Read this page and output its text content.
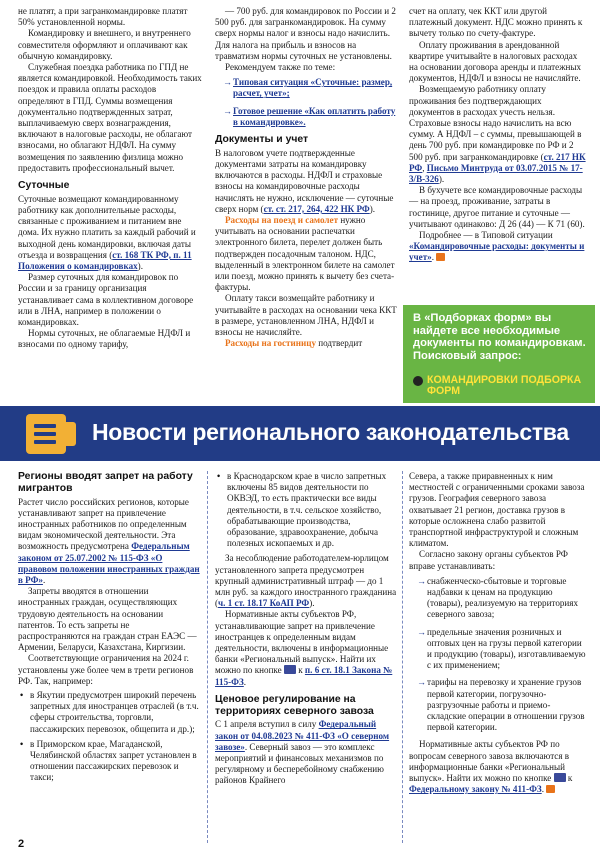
не платят, а при загранкомандировке платят 50% установленной нормы.

Командировку и внешнего, и внутреннего совместителя оформляют и оплачивают как обычную командировку.

Служебная поездка работника по ГПД не является командировкой. Необходимость таких поездок и правила оплаты расходов определяют в ГПД. Суммы возмещения документально подтвержденных затрат, выплачиваемую сверх вознаграждения, включают в налоговые расходы, не облагают взносами, но облагают НДФЛ. На сумму возмещения по заявлению физлица можно предоставить профессиональный вычет.

Суточные

Суточные возмещают командированному работнику как дополнительные расходы, связанные с проживанием и питанием вне дома. Их нужно платить за каждый рабочий и выходной день командировки, включая даты отъезда и возвращения (ст. 168 ТК РФ, п. 11 Положения о командировках).

Размер суточных для командировок по России и за границу организация устанавливает сама в коллективном договоре или в ЛНА, например в положении о командировках.

Нормы суточных, не облагаемые НДФЛ и взносами по одному тарифу,

— 700 руб. для командировок по России и 2 500 руб. для загранкомандировок. На сумму сверх нормы налог и взносы надо начислить. Для налога на прибыль и взносов на травматизм нормы суточных не установлены.

Рекомендуем также по теме:

→ Типовая ситуация «Суточные: размер, расчет, учет»;
→ Готовое решение «Как оплатить работу в командировке».
Документы и учет

В налоговом учете подтвержденные документами затраты на командировку включаются в расходы. НДФЛ и страховые взносы на командировочные расходы начислять не нужно, исключение — суточные сверх норм (ст. ст. 217, 264, 422 НК РФ).

Расходы на поезд и самолет нужно учитывать на основании распечатки электронного билета, перелет должен быть подтвержден посадочным талоном. НДС, выделенный в электронном билете на самолет или поезд, можно принять к вычету без счета-фактуры.

Оплату такси возмещайте работнику и учитывайте в расходах на основании чека ККТ в размере, установленном ЛНА, НДФЛ и взносы не начисляйте.

Расходы на гостиницу подтвердит

счет на оплату, чек ККТ или другой платежный документ. НДС можно принять к вычету только по счету-фактуре.

Оплату проживания в арендованной квартире учитывайте в налоговых расходах на основании договора аренды и платежных документов, НДФЛ и взносы не начисляйте.

Возмещаемую работнику оплату проживания без подтверждающих документов в расходах учесть нельзя. Страховые взносы надо начислить на всю сумму. А НДФЛ – с суммы, превышающей в день 700 руб. при командировке по РФ и 2 500 руб. при загранкомандировке (ст. 217 НК РФ, Письмо Минтруда от 03.07.2015 № 17-3/В-326).

В бухучете все командировочные расходы — на проезд, проживание, затраты в гостинице, другое питание и суточные — учитывают одинаково: Д 26 (44) — К 71 (60).

Подробнее — в Типовой ситуации «Командировочные расходы: документы и учет».

В «Подборках форм» вы найдете все необходимые документы по командировкам. Поисковый запрос:
КОМАНДИРОВКИ ПОДБОРКА ФОРМ
Новости регионального законодательства
Регионы вводят запрет на работу мигрантов

Растет число российских регионов, которые устанавливают запрет на привлечение иностранных работников по определенным видам экономической деятельности. Эта возможность предусмотрена Федеральным законом от 25.07.2002 № 115-ФЗ «О правовом положении иностранных граждан в РФ».

Запреты вводятся в отношении иностранных граждан, осуществляющих трудовую деятельность на основании патентов. То есть запреты не распространяются на граждан стран ЕАЭС — Армении, Беларуси, Казахстана, Киргизии.

Соответствующие ограничения на 2024 г. установлены уже более чем в трети регионов РФ. Так, например:

• в Якутии предусмотрен широкий перечень запретных для иностранцев отраслей (в т.ч. сферы строительства, торговли, пассажирских перевозок, общепита и др.);
• в Приморском крае, Магаданской, Челябинской областях запрет установлен в отношении пассажирских перевозок и такси;
• в Краснодарском крае в число запретных включены 85 видов деятельности по ОКВЭД, то есть практически все виды деятельности, в т.ч. сельское хозяйство, обрабатывающие производства, образование, здравоохранение, добыча полезных ископаемых и др.

За несоблюдение работодателем-юрлицом установленного запрета предусмотрен крупный административный штраф — до 1 млн руб. за каждого иностранного гражданина (ч. 1 ст. 18.17 КоАП РФ).

Нормативные акты субъектов РФ, устанавливающие запрет на привлечение иностранцев к определенным видам деятельности, включены в информационные банки «Региональный выпуск». Найти их можно по кнопке  к п. 6 ст. 18.1 Закона № 115-ФЗ.

Ценовое регулирование на территориях северного завоза

С 1 апреля вступил в силу Федеральный закон от 04.08.2023 № 411-ФЗ «О северном завозе». Северный завоз — это комплекс мероприятий и финансовых механизмов по регулярному и бесперебойному снабжению районов Крайнего

Севера, а также приравненных к ним местностей с ограниченными сроками завоза грузов. География северного завоза охватывает 21 регион, доставка грузов в которые осложнена слабо развитой транспортной инфраструктурой и сложным климатом.

Согласно закону органы субъектов РФ вправе устанавливать:

→ снабженческо-сбытовые и торговые надбавки к ценам на продукцию (товары), реализуемую на территориях северного завоза;
→ предельные значения розничных и оптовых цен на грузы первой категории и продукцию (товары), изготавливаемую с их применением;
→ тарифы на перевозку и хранение грузов первой категории, погрузочно-разгрузочные работы и приемо-складские операции в отношении грузов первой категории.

Нормативные акты субъектов РФ по вопросам северного завоза включаются в информационные банки «Региональный выпуск». Найти их можно по кнопке  к Федеральному закону № 411-ФЗ.

2
